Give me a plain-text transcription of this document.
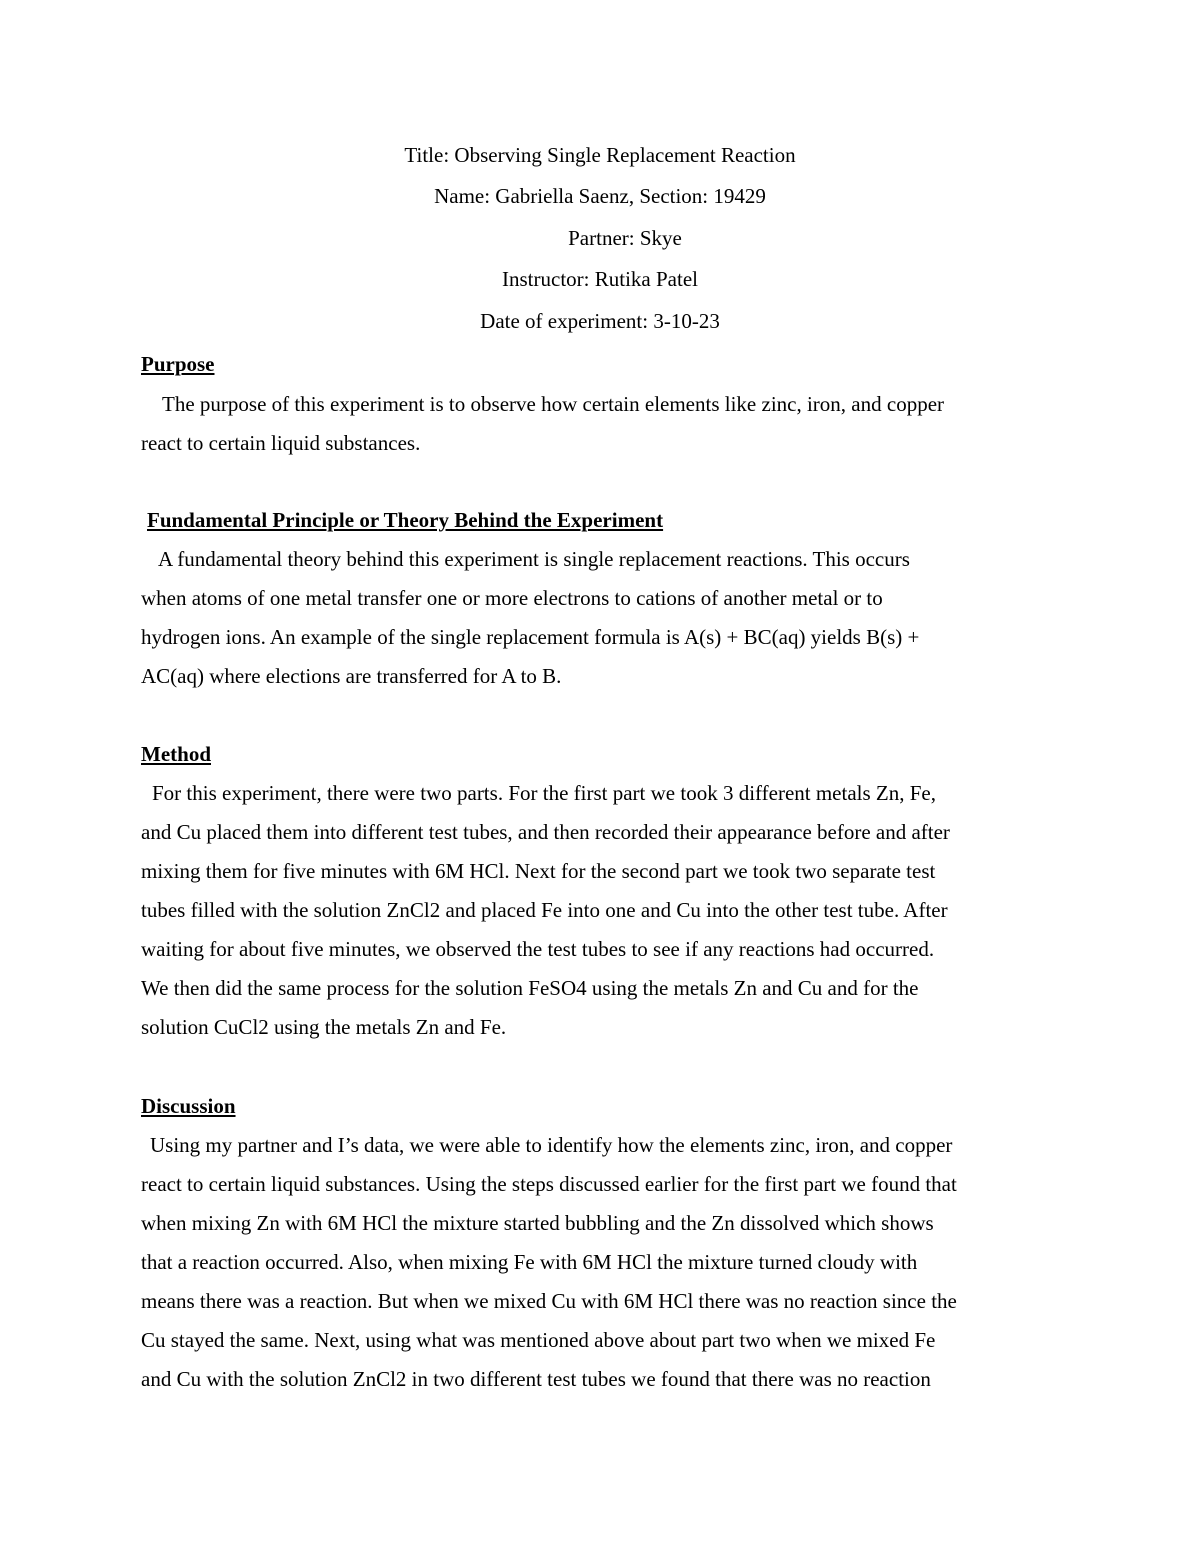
Title: Observing Single Replacement Reaction
Name: Gabriella Saenz, Section: 19429
Partner: Skye
Instructor: Rutika Patel
Date of experiment: 3-10-23
Purpose
The purpose of this experiment is to observe how certain elements like zinc, iron, and copper
react to certain liquid substances.
Fundamental Principle or Theory Behind the Experiment
A fundamental theory behind this experiment is single replacement reactions. This occurs
when atoms of one metal transfer one or more electrons to cations of another metal or to
hydrogen ions. An example of the single replacement formula is A(s) + BC(aq) yields B(s) +
AC(aq) where elections are transferred for A to B.
Method
For this experiment, there were two parts. For the first part we took 3 different metals Zn, Fe,
and Cu placed them into different test tubes, and then recorded their appearance before and after
mixing them for five minutes with 6M HCl. Next for the second part we took two separate test
tubes filled with the solution ZnCl2 and placed Fe into one and Cu into the other test tube. After
waiting for about five minutes, we observed the test tubes to see if any reactions had occurred.
We then did the same process for the solution FeSO4 using the metals Zn and Cu and for the
solution CuCl2 using the metals Zn and Fe.
Discussion
Using my partner and I’s data, we were able to identify how the elements zinc, iron, and copper
react to certain liquid substances. Using the steps discussed earlier for the first part we found that
when mixing Zn with 6M HCl the mixture started bubbling and the Zn dissolved which shows
that a reaction occurred. Also, when mixing Fe with 6M HCl the mixture turned cloudy with
means there was a reaction. But when we mixed Cu with 6M HCl there was no reaction since the
Cu stayed the same. Next, using what was mentioned above about part two when we mixed Fe
and Cu with the solution ZnCl2 in two different test tubes we found that there was no reaction
